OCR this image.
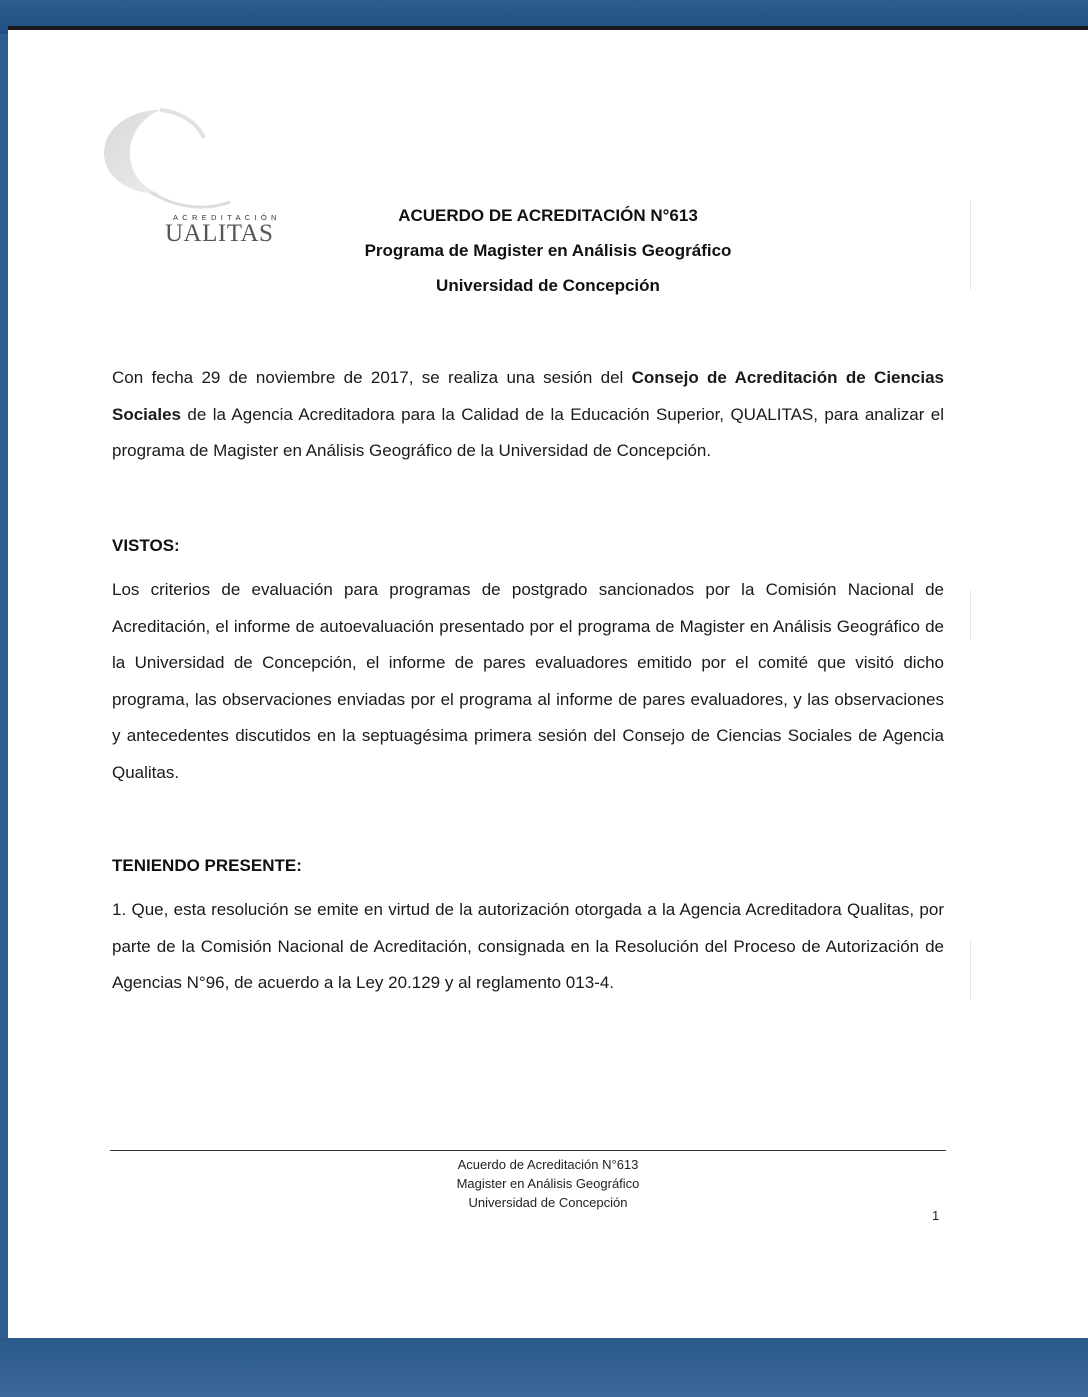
ACREDITACIÓN
UALITAS
ACUERDO DE ACREDITACIÓN N°613
Programa de Magister en Análisis Geográfico
Universidad de Concepción

Con fecha 29 de noviembre de 2017, se realiza una sesión del Consejo de Acreditación de Ciencias Sociales de la Agencia Acreditadora para la Calidad de la Educación Superior, QUALITAS, para analizar el programa de Magister en Análisis Geográfico de la Universidad de Concepción.

VISTOS:

Los criterios de evaluación para programas de postgrado sancionados por la Comisión Nacional de Acreditación, el informe de autoevaluación presentado por el programa de Magister en Análisis Geográfico de la Universidad de Concepción, el informe de pares evaluadores emitido por el comité que visitó dicho programa, las observaciones enviadas por el programa al informe de pares evaluadores, y las observaciones y antecedentes discutidos en la septuagésima primera sesión del Consejo de Ciencias Sociales de Agencia Qualitas.

TENIENDO PRESENTE:

1. Que, esta resolución se emite en virtud de la autorización otorgada a la Agencia Acreditadora Qualitas, por parte de la Comisión Nacional de Acreditación, consignada en la Resolución del Proceso de Autorización de Agencias N°96, de acuerdo a la Ley 20.129 y al reglamento 013-4.

Acuerdo de Acreditación N°613
Magister en Análisis Geográfico
Universidad de Concepción
1
